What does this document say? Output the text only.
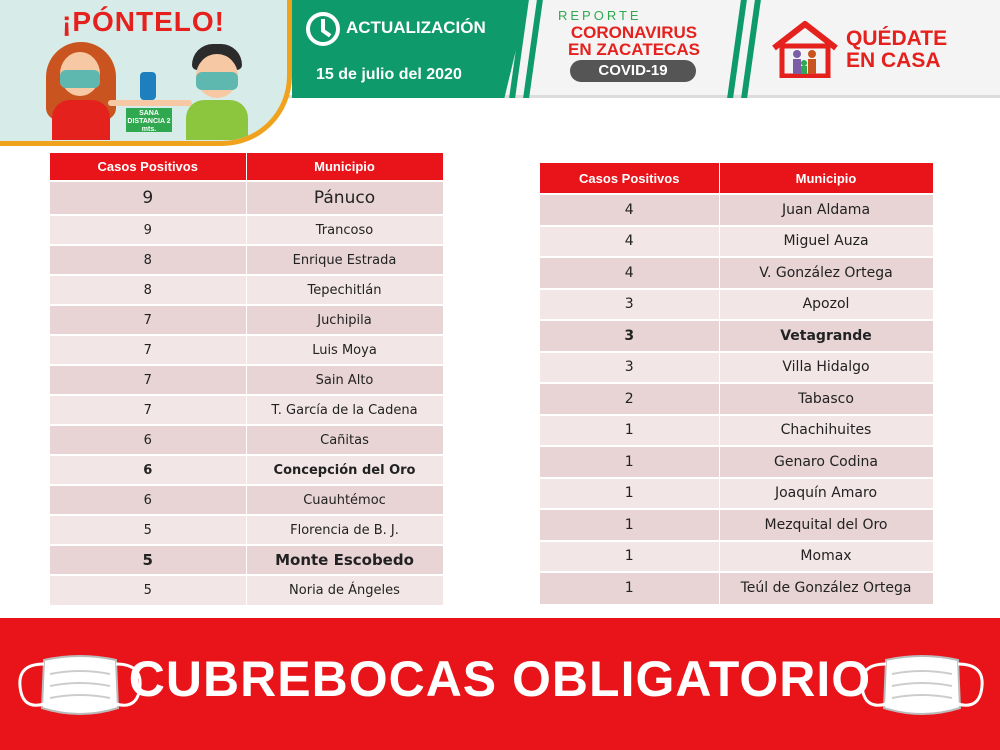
¡PÓNTELO!
SANA DISTANCIA 2 mts.
ACTUALIZACIÓN
15 de julio del 2020
REPORTE
CORONAVIRUS
EN ZACATECAS
COVID-19
QUÉDATE
EN CASA
Casos Positivos	Municipio
9	Pánuco
9	Trancoso
8	Enrique Estrada
8	Tepechitlán
7	Juchipila
7	Luis Moya
7	Sain Alto
7	T. García de la Cadena
6	Cañitas
6	Concepción del Oro
6	Cuauhtémoc
5	Florencia de B. J.
5	Monte Escobedo
5	Noria de Ángeles
Casos Positivos	Municipio
4	Juan Aldama
4	Miguel Auza
4	V. González Ortega
3	Apozol
3	Vetagrande
3	Villa Hidalgo
2	Tabasco
1	Chachihuites
1	Genaro Codina
1	Joaquín Amaro
1	Mezquital del Oro
1	Momax
1	Teúl de González Ortega
CUBREBOCAS OBLIGATORIO
